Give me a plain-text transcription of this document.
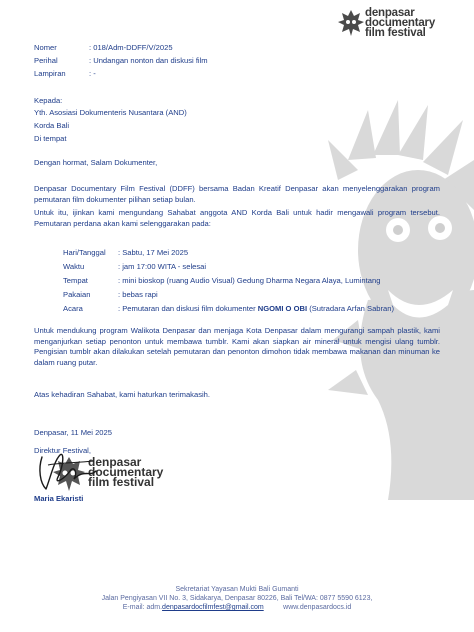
denpasar
documentary
film festival
Nomer	: 018/Adm-DDFF/V/2025
Perihal	: Undangan nonton dan diskusi film
Lampiran	: -
Kepada:
Yth. Asosiasi Dokumenteris Nusantara (AND)
Korda Bali
Di tempat
Dengan hormat, Salam Dokumenter,
Denpasar Documentary Film Festival (DDFF) bersama Badan Kreatif Denpasar akan menyelenggarakan program pemutaran film dokumenter pilihan setiap bulan.
Untuk itu, ijinkan kami mengundang Sahabat anggota AND Korda Bali untuk hadir mengawali program tersebut. Pemutaran perdana akan kami selenggarakan pada:
Hari/Tanggal : Sabtu, 17 Mei 2025
Waktu	: jam 17:00 WITA - selesai
Tempat	: mini bioskop (ruang Audio Visual) Gedung Dharma Negara Alaya, Lumintang
Pakaian	: bebas rapi
Acara	: Pemutaran dan diskusi film dokumenter NGOMI O OBI (Sutradara Arfan Sabran)
Untuk mendukung program Walikota Denpasar dan menjaga Kota Denpasar dalam mengurangi sampah plastik, kami menganjurkan setiap penonton untuk membawa tumblr. Kami akan siapkan air mineral untuk mengisi ulang tumblr. Pengisian tumblr akan dilakukan setelah pemutaran dan penonton dimohon tidak membawa makanan dan minuman ke dalam ruang putar.
Atas kehadiran Sahabat, kami haturkan terimakasih.
Denpasar, 11 Mei 2025
Direktur Festival,
denpasar
documentary
film festival
Maria Ekaristi
Sekretariat Yayasan Mukti Bali Gumanti
Jalan Pengiyasan VII No. 3, Sidakarya, Denpasar 80226, Bali Tel/WA: 0877 5590 6123,
E-mail: adm.denpasardocfilmfest@gmail.com	www.denpasardocs.id
